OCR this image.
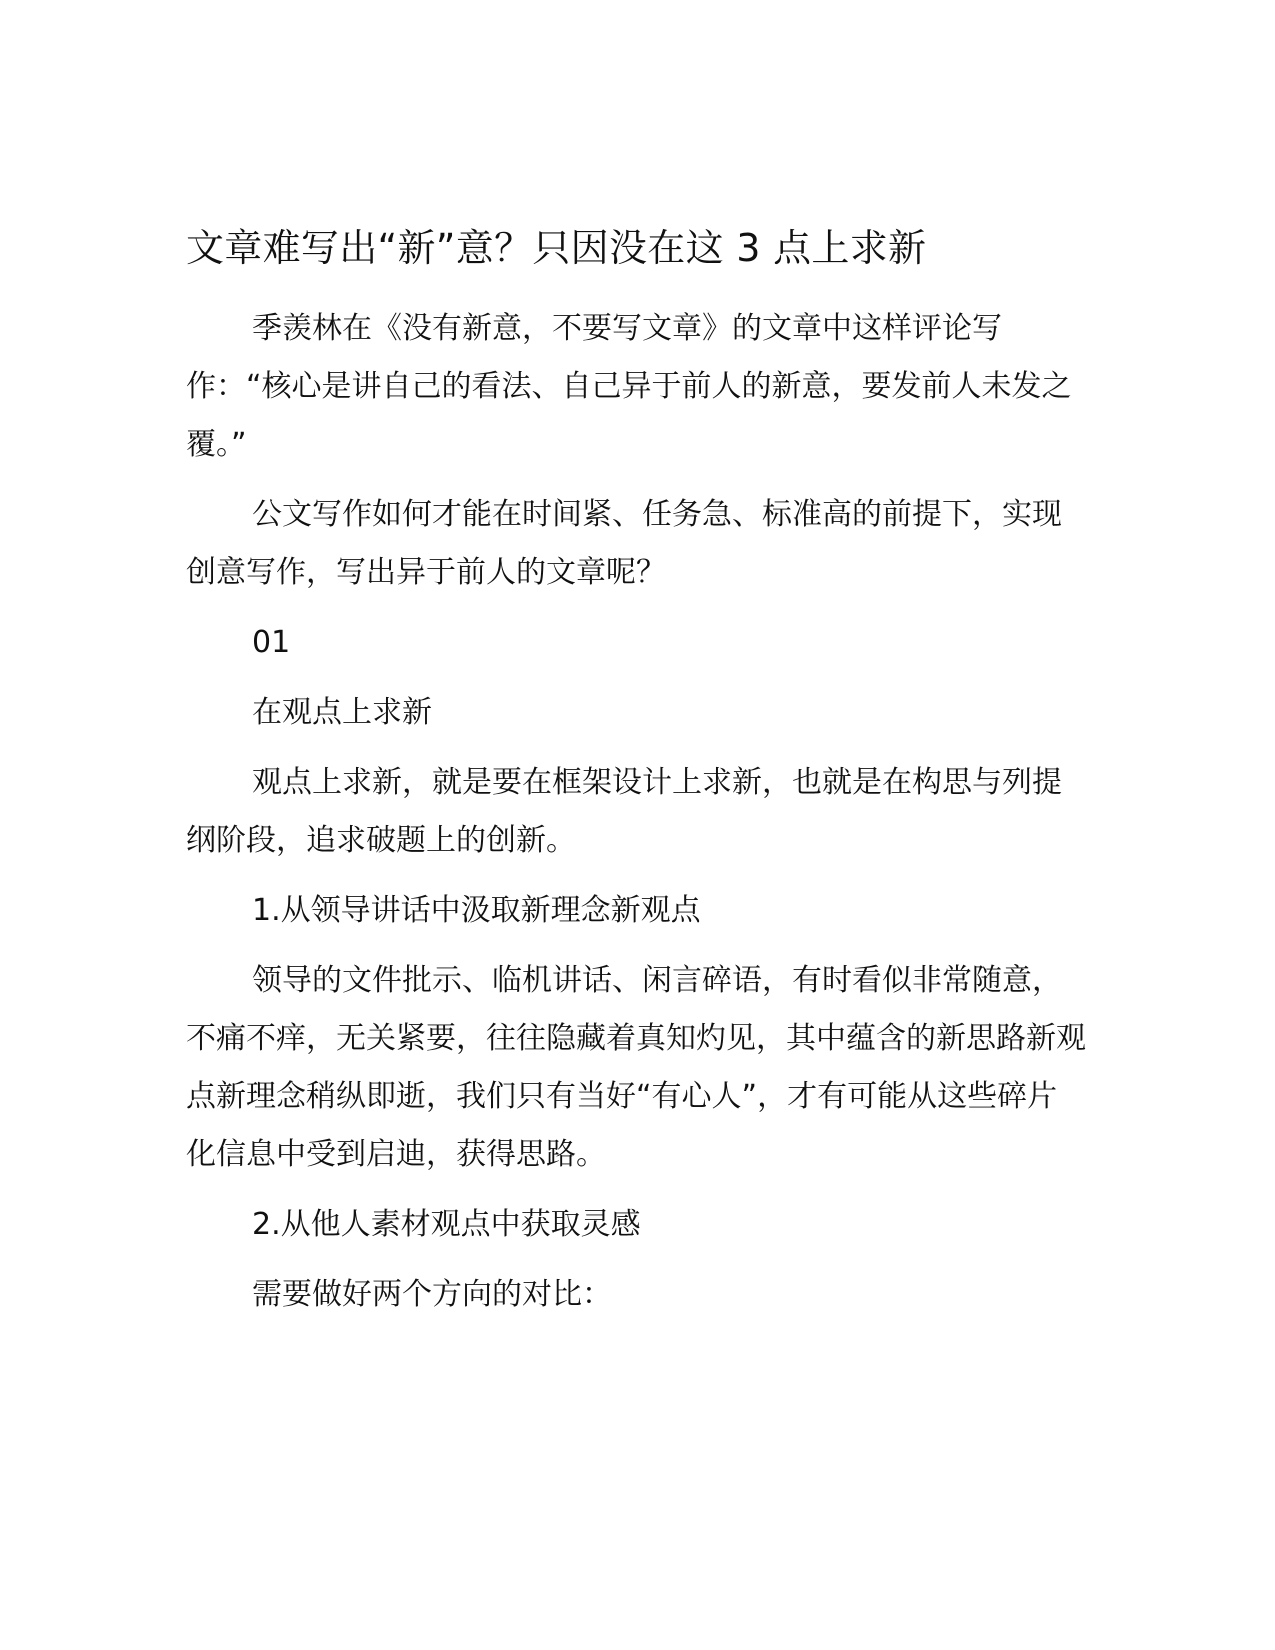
文章难写出“新”意？只因没在这 3 点上求新

季羡林在《没有新意，不要写文章》的文章中这样评论写作：“核心是讲自己的看法、自己异于前人的新意，要发前人未发之覆。”

公文写作如何才能在时间紧、任务急、标准高的前提下，实现创意写作，写出异于前人的文章呢？

01

在观点上求新

观点上求新，就是要在框架设计上求新，也就是在构思与列提纲阶段，追求破题上的创新。

1.从领导讲话中汲取新理念新观点

领导的文件批示、临机讲话、闲言碎语，有时看似非常随意，不痛不痒，无关紧要，往往隐藏着真知灼见，其中蕴含的新思路新观点新理念稍纵即逝，我们只有当好“有心人”，才有可能从这些碎片化信息中受到启迪，获得思路。

2.从他人素材观点中获取灵感

需要做好两个方向的对比：
